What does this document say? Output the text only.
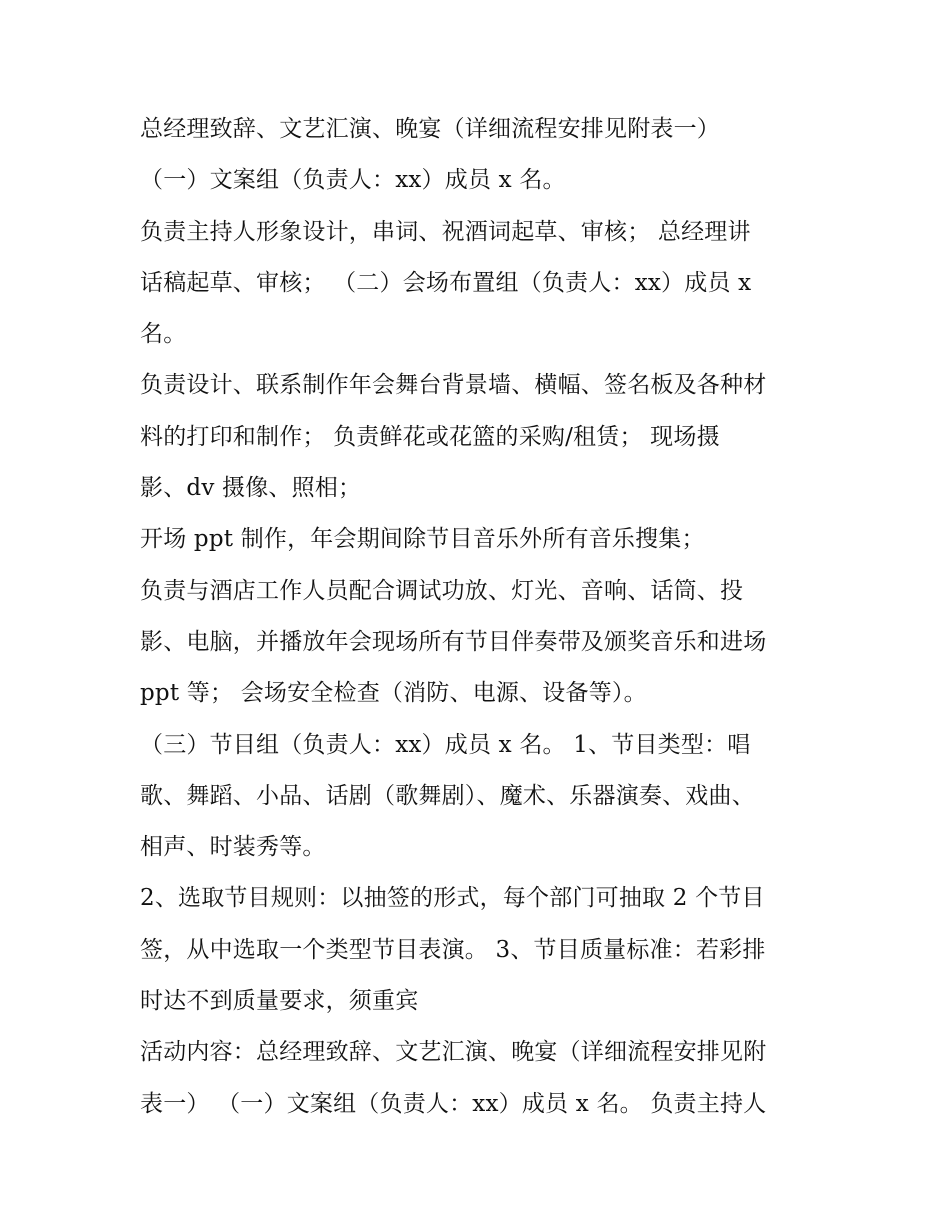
总经理致辞、文艺汇演、晚宴（详细流程安排见附表一）
（一）文案组（负责人：xx）成员 x 名。
负责主持人形象设计，串词、祝酒词起草、审核； 总经理讲
话稿起草、审核； （二）会场布置组（负责人：xx）成员 x
名。
负责设计、联系制作年会舞台背景墙、横幅、签名板及各种材
料的打印和制作； 负责鲜花或花篮的采购/租赁； 现场摄
影、dv 摄像、照相；
开场 ppt 制作，年会期间除节目音乐外所有音乐搜集；
负责与酒店工作人员配合调试功放、灯光、音响、话筒、投
影、电脑，并播放年会现场所有节目伴奏带及颁奖音乐和进场
ppt 等； 会场安全检查（消防、电源、设备等）。
（三）节目组（负责人：xx）成员 x 名。 1、节目类型：唱
歌、舞蹈、小品、话剧（歌舞剧）、魔术、乐器演奏、戏曲、
相声、时装秀等。
2、选取节目规则：以抽签的形式，每个部门可抽取 2 个节目
签，从中选取一个类型节目表演。 3、节目质量标准：若彩排
时达不到质量要求，须重宾
活动内容：总经理致辞、文艺汇演、晚宴（详细流程安排见附
表一） （一）文案组（负责人：xx）成员 x 名。 负责主持人
